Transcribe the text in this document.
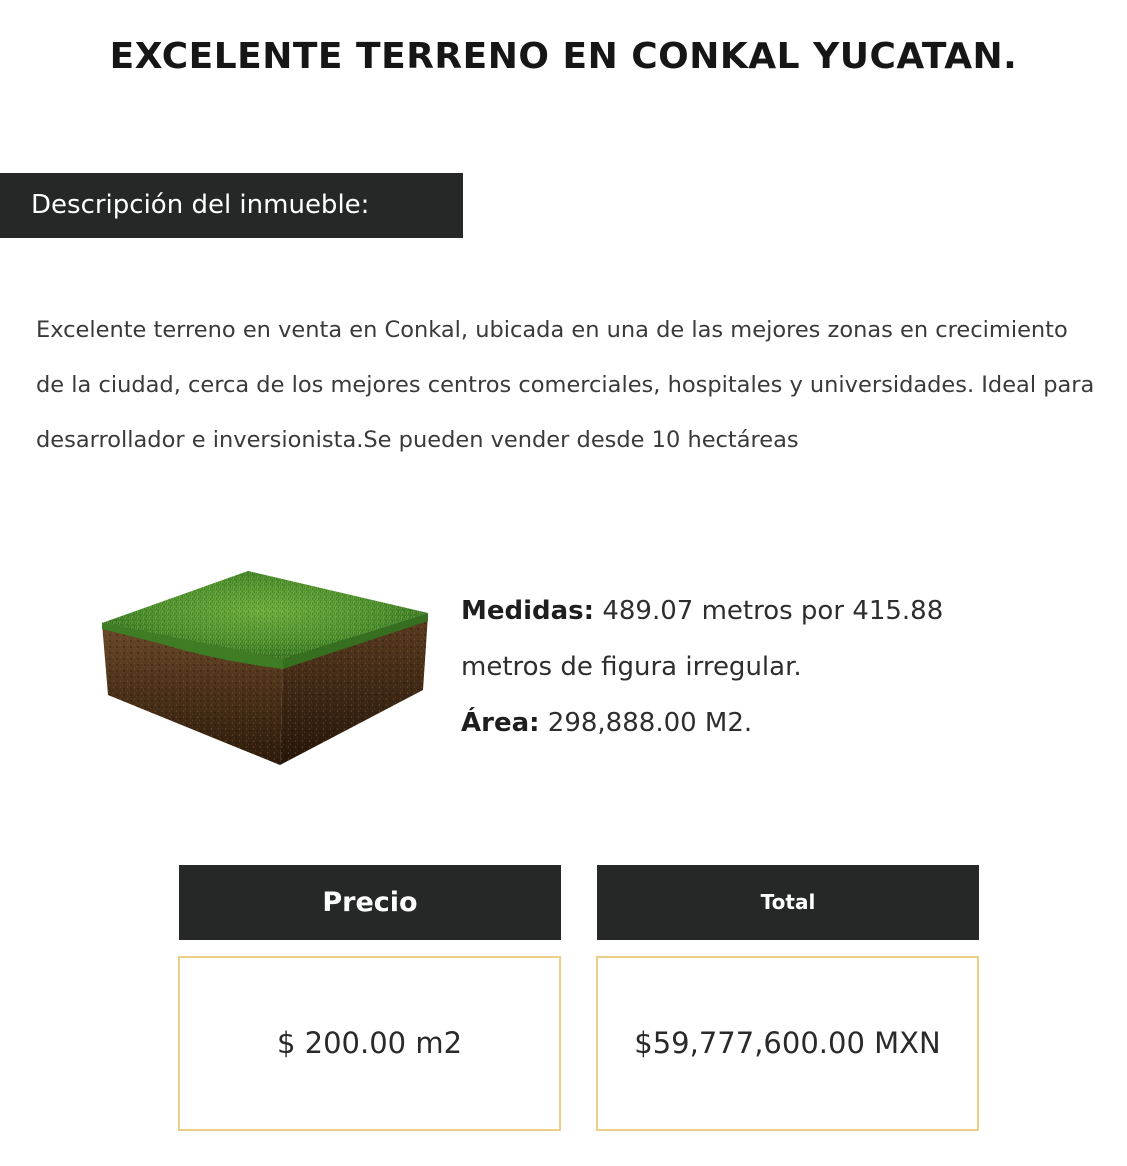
EXCELENTE TERRENO EN CONKAL YUCATAN.
Descripción del inmueble:

Excelente terreno en venta en Conkal, ubicada en una de las mejores zonas en crecimiento de la ciudad, cerca de los mejores centros comerciales, hospitales y universidades. Ideal para desarrollador e inversionista.Se pueden vender desde 10 hectáreas

Medidas: 489.07 metros por 415.88 metros de figura irregular.
Área: 298,888.00 M2.
Precio	Total
$ 200.00 m2	$59,777,600.00 MXN
